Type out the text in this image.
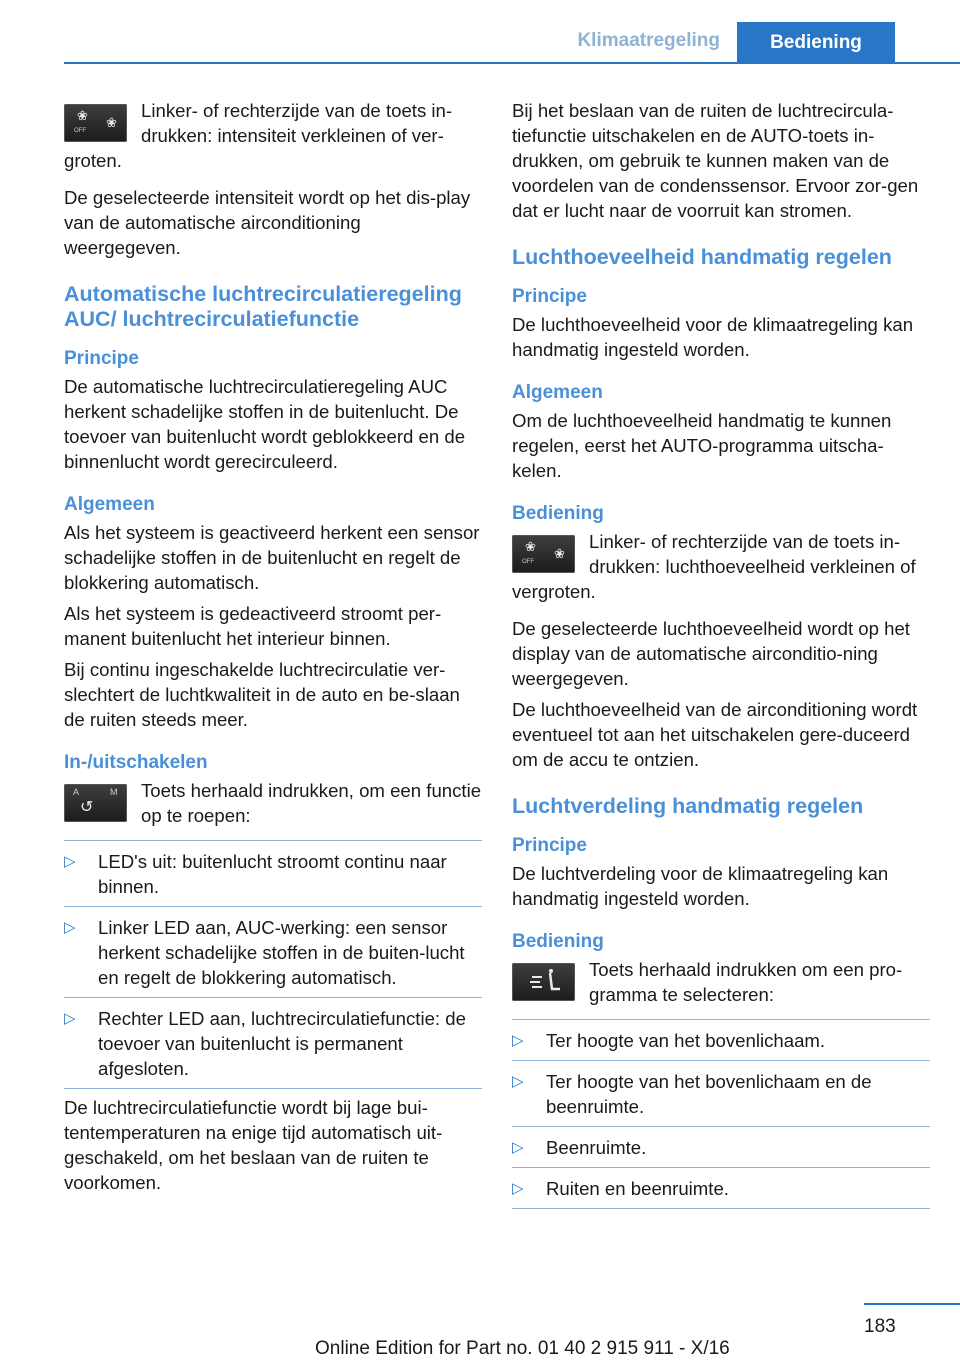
Klimaatregeling	Bediening
❀
OFF
❀
Linker- of rechterzijde van de toets in-drukken: intensiteit verkleinen of ver-groten.

De geselecteerde intensiteit wordt op het dis-play van de automatische airconditioning weergegeven.

Automatische luchtrecirculatieregeling AUC/ luchtrecirculatiefunctie
Principe

De automatische luchtrecirculatieregeling AUC herkent schadelijke stoffen in de buitenlucht. De toevoer van buitenlucht wordt geblokkeerd en de binnenlucht wordt gerecirculeerd.

Algemeen

Als het systeem is geactiveerd herkent een sensor schadelijke stoffen in de buitenlucht en regelt de blokkering automatisch.

Als het systeem is gedeactiveerd stroomt per-manent buitenlucht het interieur binnen.

Bij continu ingeschakelde luchtrecirculatie ver-slechtert de luchtkwaliteit in de auto en be-slaan de ruiten steeds meer.

In-/uitschakelen
A	M
↺
Toets herhaald indrukken, om een functie op te roepen:
▷ LED's uit: buitenlucht stroomt continu naar binnen.
▷ Linker LED aan, AUC-werking: een sensor herkent schadelijke stoffen in de buiten-lucht en regelt de blokkering automatisch.
▷ Rechter LED aan, luchtrecirculatiefunctie: de toevoer van buitenlucht is permanent afgesloten.

De luchtrecirculatiefunctie wordt bij lage bui-tentemperaturen na enige tijd automatisch uit-geschakeld, om het beslaan van de ruiten te voorkomen.

Bij het beslaan van de ruiten de luchtrecircula-tiefunctie uitschakelen en de AUTO-toets in-drukken, om gebruik te kunnen maken van de voordelen van de condenssensor. Ervoor zor-gen dat er lucht naar de voorruit kan stromen.

Luchthoeveelheid handmatig regelen
Principe

De luchthoeveelheid voor de klimaatregeling kan handmatig ingesteld worden.

Algemeen

Om de luchthoeveelheid handmatig te kunnen regelen, eerst het AUTO-programma uitscha-kelen.

Bediening
❀
OFF
❀
Linker- of rechterzijde van de toets in-drukken: luchthoeveelheid verkleinen of vergroten.

De geselecteerde luchthoeveelheid wordt op het display van de automatische airconditio-ning weergegeven.

De luchthoeveelheid van de airconditioning wordt eventueel tot aan het uitschakelen gere-duceerd om de accu te ontzien.

Luchtverdeling handmatig regelen
Principe

De luchtverdeling voor de klimaatregeling kan handmatig ingesteld worden.

Bediening
Toets herhaald indrukken om een pro-gramma te selecteren:
▷ Ter hoogte van het bovenlichaam.
▷ Ter hoogte van het bovenlichaam en de beenruimte.
▷ Beenruimte.
▷ Ruiten en beenruimte.
183
Online Edition for Part no. 01 40 2 915 911 - X/16
